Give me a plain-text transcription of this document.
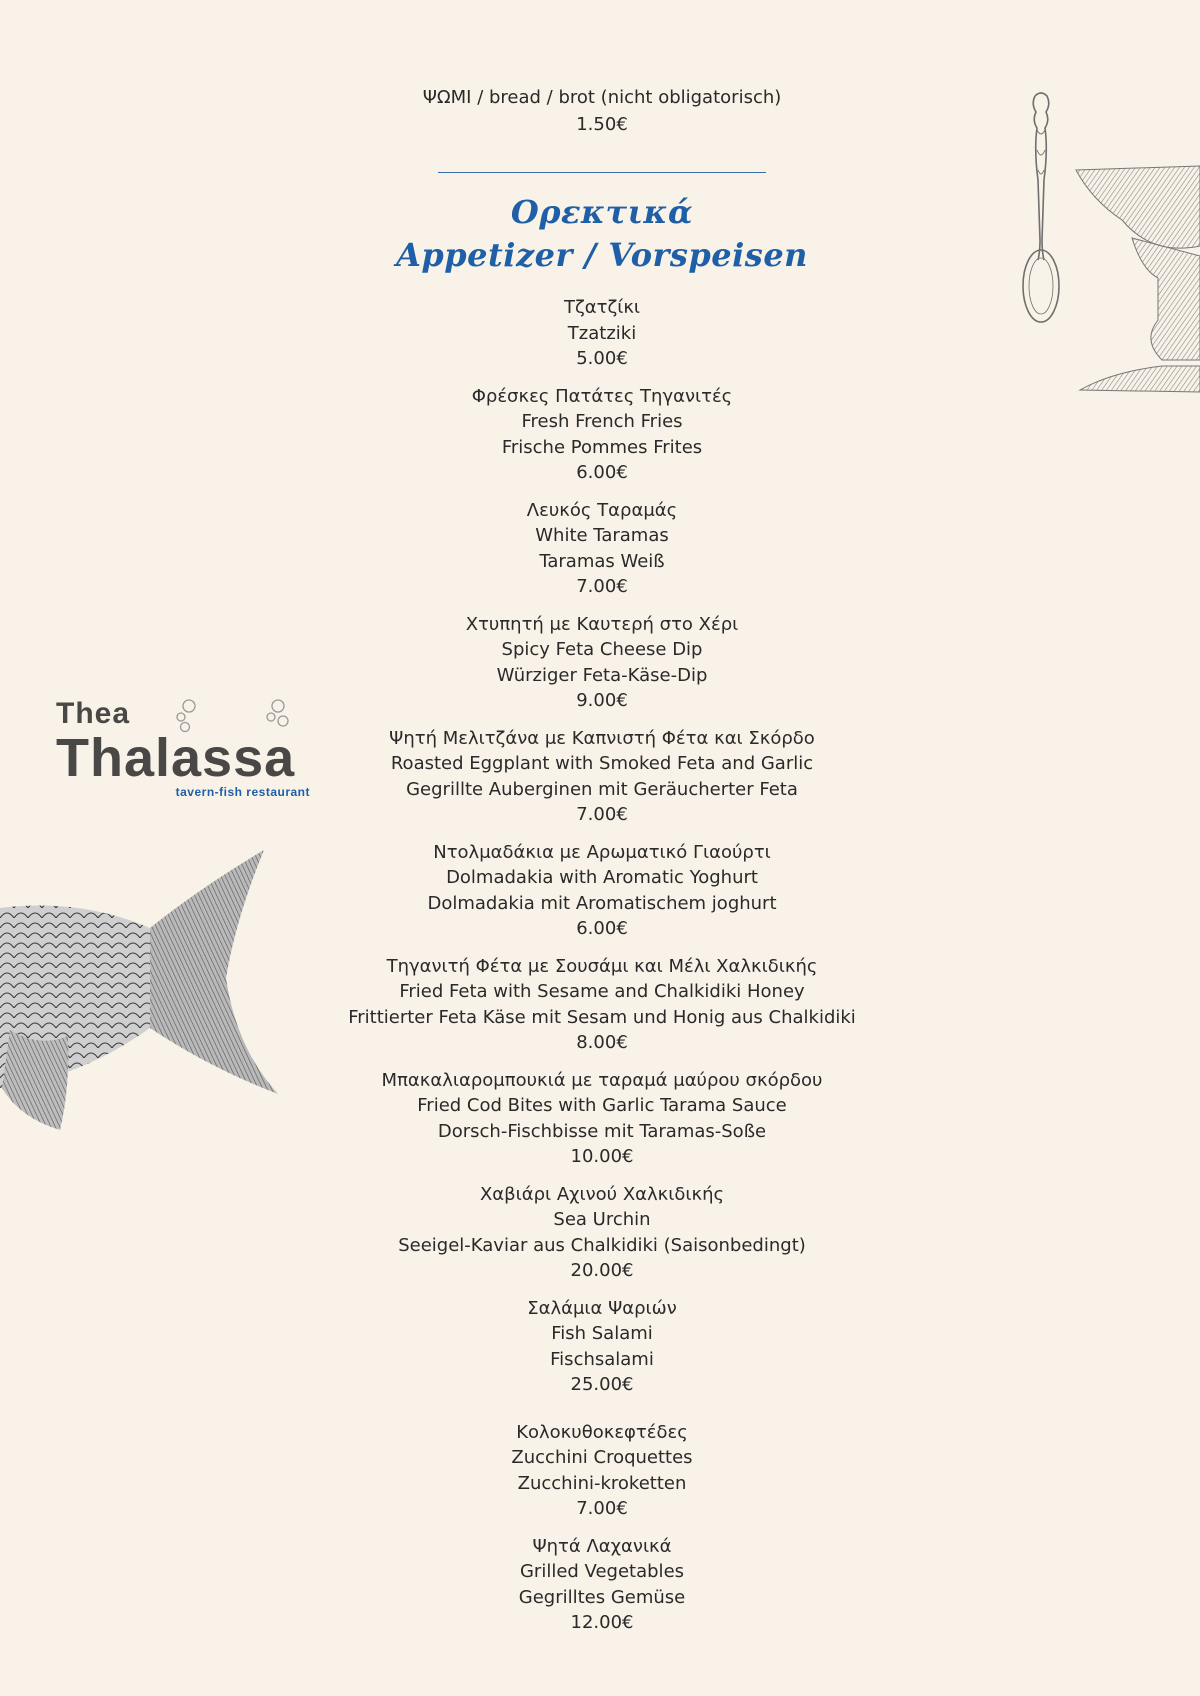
Thea
Thalassa
tavern-fish restaurant
ΨΩΜΙ / bread / brot (nicht obligatorisch)
1.50€
Ορεκτικά
Appetizer / Vorspeisen
Τζατζίκι
Tzatziki
5.00€
Φρέσκες Πατάτες Τηγανιτές
Fresh French Fries
Frische Pommes Frites
6.00€
Λευκός Ταραμάς
White Taramas
Taramas Weiß
7.00€
Χτυπητή με Καυτερή στο Χέρι
Spicy Feta Cheese Dip
Würziger Feta-Käse-Dip
9.00€
Ψητή Μελιτζάνα με Καπνιστή Φέτα και Σκόρδο
Roasted Eggplant with Smoked Feta and Garlic
Gegrillte Auberginen mit Geräucherter Feta
7.00€
Ντολμαδάκια με Αρωματικό Γιαούρτι
Dolmadakia with Aromatic Yoghurt
Dolmadakia mit Aromatischem joghurt
6.00€
Τηγανιτή Φέτα με Σουσάμι και Μέλι Χαλκιδικής
Fried Feta with Sesame and Chalkidiki Honey
Frittierter Feta Käse mit Sesam und Honig aus Chalkidiki
8.00€
Μπακαλιαρομπουκιά με ταραμά μαύρου σκόρδου
Fried Cod Bites with Garlic Tarama Sauce
Dorsch-Fischbisse mit Taramas-Soße
10.00€
Χαβιάρι Αχινού Χαλκιδικής
Sea Urchin
Seeigel-Kaviar aus Chalkidiki (Saisonbedingt)
20.00€
Σαλάμια Ψαριών
Fish Salami
Fischsalami
25.00€
Κολοκυθοκεφτέδες
Zucchini Croquettes
Zucchini-kroketten
7.00€
Ψητά Λαχανικά
Grilled Vegetables
Gegrilltes Gemüse
12.00€
